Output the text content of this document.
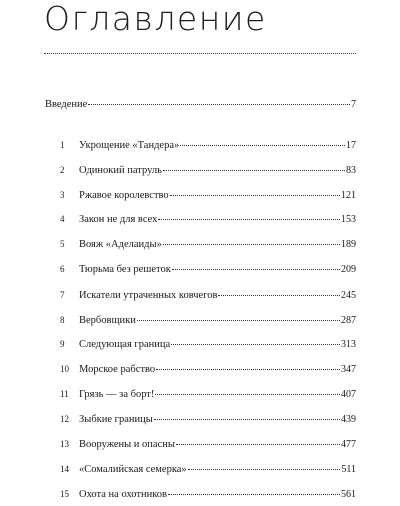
Оглавление
Введение	7
1	Укрощение «Тандера»	17
2	Одинокий патруль	83
3	Ржавое королевство	121
4	Закон не для всех	153
5	Вояж «Аделаиды»	189
6	Тюрьма без решеток	209
7	Искатели утраченных ковчегов	245
8	Вербовщики	287
9	Следующая граница	313
10 Морское рабство	347
11 Грязь — за борт!	407
12 Зыбкие границы	439
13 Вооружены и опасны	477
14 «Сомалийская семерка»	511
15 Охота на охотников	561
